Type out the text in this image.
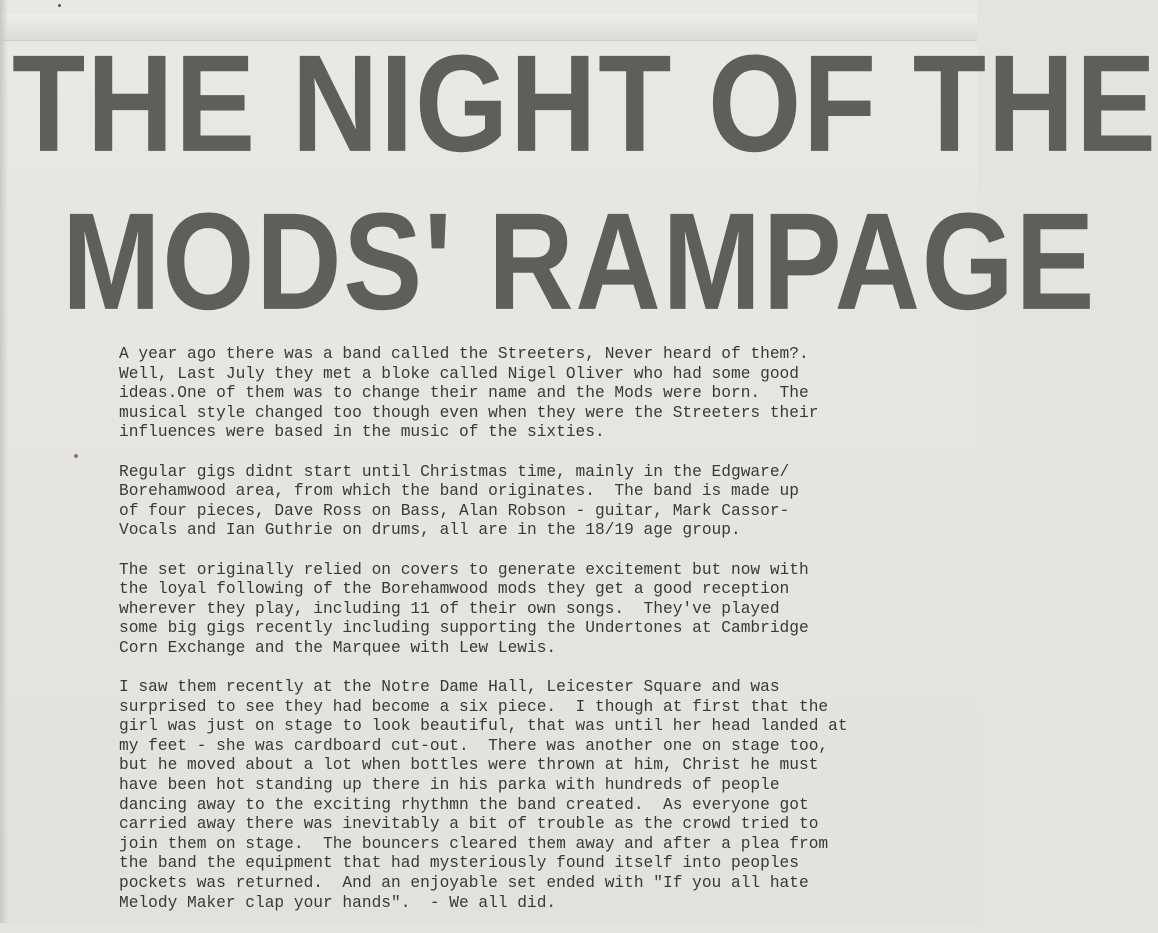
THE NIGHT OF THE
MODS' RAMPAGE

A year ago there was a band called the Streeters, Never heard of them?.
Well, Last July they met a bloke called Nigel Oliver who had some good
ideas.One of them was to change their name and the Mods were born.  The
musical style changed too though even when they were the Streeters their
influences were based in the music of the sixties.

Regular gigs didnt start until Christmas time, mainly in the Edgware/
Borehamwood area, from which the band originates.  The band is made up
of four pieces, Dave Ross on Bass, Alan Robson - guitar, Mark Cassor-
Vocals and Ian Guthrie on drums, all are in the 18/19 age group.

The set originally relied on covers to generate excitement but now with
the loyal following of the Borehamwood mods they get a good reception
wherever they play, including 11 of their own songs.  They've played
some big gigs recently including supporting the Undertones at Cambridge
Corn Exchange and the Marquee with Lew Lewis.

I saw them recently at the Notre Dame Hall, Leicester Square and was
surprised to see they had become a six piece.  I though at first that the
girl was just on stage to look beautiful, that was until her head landed at
my feet - she was cardboard cut-out.  There was another one on stage too,
but he moved about a lot when bottles were thrown at him, Christ he must
have been hot standing up there in his parka with hundreds of people
dancing away to the exciting rhythmn the band created.  As everyone got
carried away there was inevitably a bit of trouble as the crowd tried to
join them on stage.  The bouncers cleared them away and after a plea from
the band the equipment that had mysteriously found itself into peoples
pockets was returned.  And an enjoyable set ended with "If you all hate
Melody Maker clap your hands".  - We all did.
